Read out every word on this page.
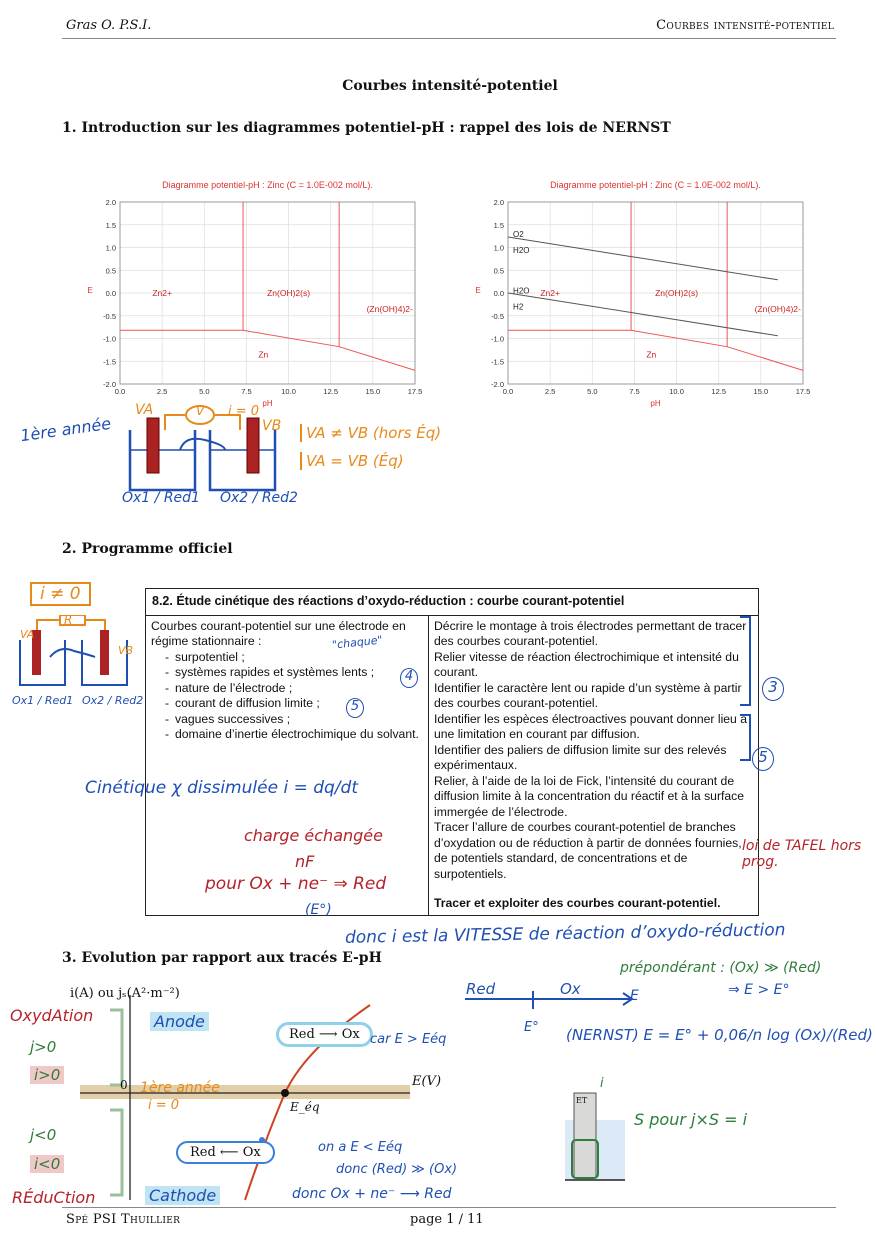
Gras O. P.S.I.	Courbes intensité-potentiel
Courbes intensité-potentiel
1. Introduction sur les diagrammes potentiel-pH : rappel des lois de NERNST
Diagramme potentiel-pH : Zinc (C = 1.0E-002 mol/L).
2.0
1.5
1.0
0.5
0.0
-0.5
-1.0
-1.5
-2.0
0.0	2.5	5.0	7.5	10.0	12.5	15.0	17.5
pH
E	Zn2+	Zn(OH)2(s)
(Zn(OH)4)2-
Zn
Diagramme potentiel-pH : Zinc (C = 1.0E-002 mol/L).
2.0
1.5
1.0
0.5
0.0
-0.5
-1.0
-1.5
-2.0
0.0	2.5	5.0	7.5	10.0	12.5	15.0	17.5
pH
E	Zn2+	Zn(OH)2(s)
(Zn(OH)4)2-
Zn
O2
H2O
H2O
H2
1ère année
VA	V i = 0
VB	VA ≠ VB (hors Éq)
VA = VB (Éq)
Ox1 / Red1 Ox2 / Red2
2. Programme officiel
i ≠ 0
R
VA
VB
Ox1 / Red1 Ox2 / Red2
8.2. Étude cinétique des réactions d’oxydo-réduction : courbe courant-potentiel

Courbes courant-potentiel sur une électrode en régime stationnaire :
- surpotentiel ;
- systèmes rapides et systèmes lents ;
- nature de l’électrode ;
- courant de diffusion limite ;
- vagues successives ;
- domaine d’inertie électrochimique du solvant.

Décrire le montage à trois électrodes permettant de tracer des courbes courant-potentiel.
Relier vitesse de réaction électrochimique et intensité du courant.
Identifier le caractère lent ou rapide d’un système à partir des courbes courant-potentiel.
Identifier les espèces électroactives pouvant donner lieu à une limitation en courant par diffusion.
Identifier des paliers de diffusion limite sur des relevés expérimentaux.
Relier, à l’aide de la loi de Fick, l’intensité du courant de diffusion limite à la concentration du réactif et à la surface immergée de l’électrode.
Tracer l’allure de courbes courant-potentiel de branches d’oxydation ou de réduction à partir de données fournies, de potentiels standard, de concentrations et de surpotentiels.
Tracer et exploiter des courbes courant-potentiel.
"chaque"
4
5
3
5
Cinétique χ dissimulée i = dq/dt
charge échangée
nF
pour Ox + ne⁻ ⇒ Red
(E°)
loi de TAFEL hors prog.
donc i est la VITESSE de réaction d’oxydo-réduction
3. Evolution par rapport aux tracés E-pH
i(A) ou jₛ(A²·m⁻²)
E(V)
E_éq
0
Red ⟶ Ox
Red ⟵ Ox
OxydAtion	Anode
j>0
i>0
1ère année
i = 0
j<0
i<0
RÉduCtion	Cathode
car E > Eéq
on a E < Eéq
donc (Red) ≫ (Ox)
donc Ox + ne⁻ ⟶ Red
Red	Ox	E
E°
prépondérant : (Ox) ≫ (Red)
⇒ E > E°
(NERNST) E = E° + 0,06/n log (Ox)/(Red)
ET
i
S pour j×S = i
Spé PSI Thuillier	page 1 / 11
